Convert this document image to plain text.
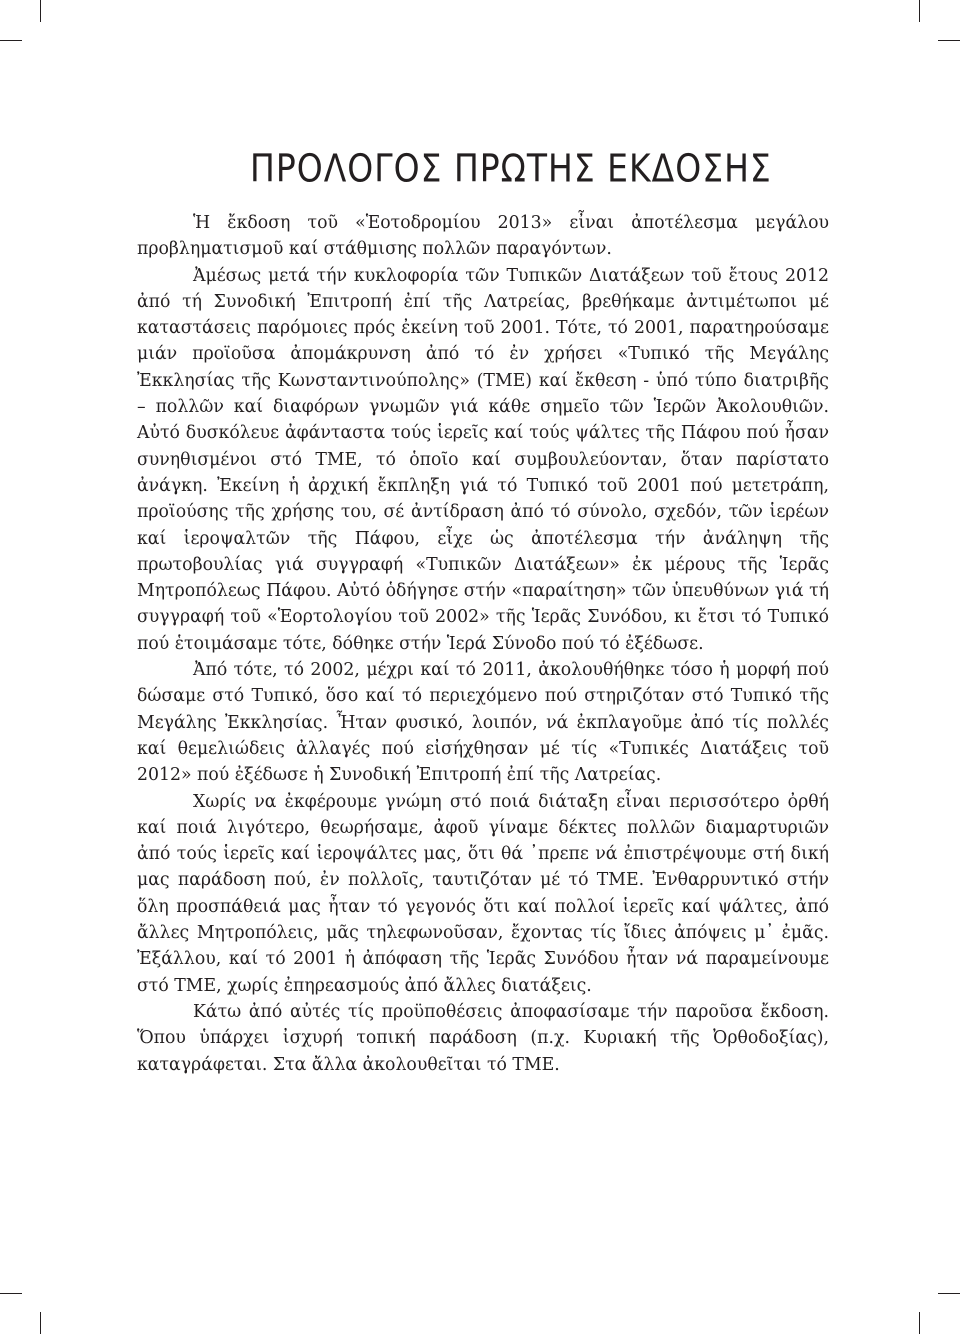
ΠΡΟΛΟΓΟΣ ΠΡΩΤΗΣ ΕΚΔΟΣΗΣ

Ἡ ἔκδοση τοῦ «Ἑοτοδρομίου 2013» εἶναι ἀποτέλεσμα μεγάλου προβληματισμοῦ καί στάθμισης πολλῶν παραγόντων.

Ἀμέσως μετά τήν κυκλοφορία τῶν Τυπικῶν Διατάξεων τοῦ ἔτους 2012 ἀπό τή Συνοδική Ἐπιτροπή ἐπί τῆς Λατρείας, βρεθήκαμε ἀντιμέτωποι μέ καταστάσεις παρόμοιες πρός ἐκείνη τοῦ 2001. Τότε, τό 2001, παρατηρούσαμε μιάν προϊοῦσα ἀπομάκρυνση ἀπό τό ἐν χρήσει «Τυπικό τῆς Μεγάλης Ἐκκλησίας τῆς Κωνσταντινούπολης» (ΤΜΕ) καί ἔκθεση - ὑπό τύπο διατριβῆς – πολλῶν καί διαφόρων γνωμῶν γιά κάθε σημεῖο τῶν Ἱερῶν Ἀκολουθιῶν. Αὐτό δυσκόλευε ἀφάνταστα τούς ἱερεῖς καί τούς ψάλτες τῆς Πάφου πού ἦσαν συνηθισμένοι στό ΤΜΕ, τό ὁποῖο καί συμβουλεύονταν, ὅταν παρίστατο ἀνάγκη. Ἐκείνη ἡ ἀρχική ἔκπληξη γιά τό Τυπικό τοῦ 2001 πού μετετράπη, προϊούσης τῆς χρήσης του, σέ ἀντίδραση ἀπό τό σύνολο, σχεδόν, τῶν ἱερέων καί ἱεροψαλτῶν τῆς Πάφου, εἶχε ὡς ἀποτέλεσμα τήν ἀνάληψη τῆς πρωτοβουλίας γιά συγγραφή «Τυπικῶν Διατάξεων» ἐκ μέρους τῆς Ἱερᾶς Μητροπόλεως Πάφου. Αὐτό ὁδήγησε στήν «παραίτηση» τῶν ὑπευθύνων γιά τή συγγραφή τοῦ «Ἑορτολογίου τοῦ 2002» τῆς Ἱερᾶς Συνόδου, κι ἔτσι τό Τυπικό πού ἑτοιμάσαμε τότε, δόθηκε στήν Ἱερά Σύνοδο πού τό ἐξέδωσε.

Ἀπό τότε, τό 2002, μέχρι καί τό 2011, ἀκολουθήθηκε τόσο ἡ μορφή πού δώσαμε στό Τυπικό, ὅσο καί τό περιεχόμενο πού στηριζόταν στό Τυπικό τῆς Μεγάλης Ἐκκλησίας. Ἦταν φυσικό, λοιπόν, νά ἐκπλαγοῦμε ἀπό τίς πολλές καί θεμελιώδεις ἀλλαγές πού εἰσήχθησαν μέ τίς «Τυπικές Διατάξεις τοῦ 2012» πού ἐξέδωσε ἡ Συνοδική Ἐπιτροπή ἐπί τῆς Λατρείας.

Χωρίς να ἐκφέρουμε γνώμη στό ποιά διάταξη εἶναι περισσότερο ὀρθή καί ποιά λιγότερο, θεωρήσαμε, ἀφοῦ γίναμε δέκτες πολλῶν διαμαρτυριῶν ἀπό τούς ἱερεῖς καί ἱεροψάλτες μας, ὅτι θά ᾽πρεπε νά ἐπιστρέψουμε στή δική μας παράδοση πού, ἐν πολλοῖς, ταυτιζόταν μέ τό ΤΜΕ. Ἐνθαρρυντικό στήν ὅλη προσπάθειά μας ἦταν τό γεγονός ὅτι καί πολλοί ἱερεῖς καί ψάλτες, ἀπό ἄλλες Μητροπόλεις, μᾶς τηλεφωνοῦσαν, ἔχοντας τίς ἴδιες ἀπόψεις μ᾽ ἐμᾶς. Ἐξάλλου, καί τό 2001 ἡ ἀπόφαση τῆς Ἱερᾶς Συνόδου ἦταν νά παραμείνουμε στό ΤΜΕ, χωρίς ἐπηρεασμούς ἀπό ἄλλες διατάξεις.

Κάτω ἀπό αὐτές τίς προϋποθέσεις ἀποφασίσαμε τήν παροῦσα ἔκδοση. Ὅπου ὑπάρχει ἰσχυρή τοπική παράδοση (π.χ. Κυριακή τῆς Ὀρθοδοξίας), καταγράφεται. Στα ἄλλα ἀκολουθεῖται τό ΤΜΕ.
